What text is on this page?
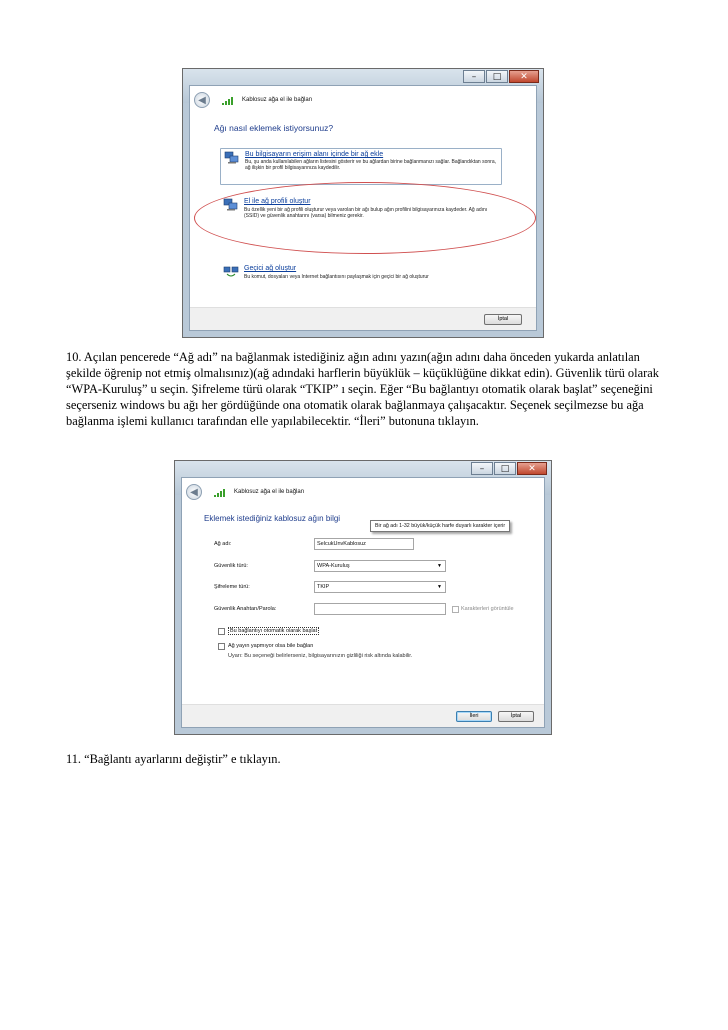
–	□	✕
◀	Kablosuz ağa el ile bağlan
Ağı nasıl eklemek istiyorsunuz?
Bu bilgisayarın erişim alanı içinde bir ağ ekle
Bu, şu anda kullanılabilen ağların listesini gösterir ve bu ağlardan birine bağlanmanızı sağlar. Bağlandıktan sonra, ağ ilişkin bir profil bilgisayarınıza kaydedilir.
El ile ağ profili oluştur
Bu özellik yeni bir ağ profili oluşturur veya varolan bir ağı bulup ağın profilini bilgisayarınıza kaydeder. Ağ adını (SSID) ve güvenlik anahtarını (varsa) bilmeniz gerekir.
Geçici ağ oluştur
Bu komut, dosyaları veya Internet bağlantısını paylaşmak için geçici bir ağ oluşturur
İptal

10. Açılan pencerede “Ağ adı” na bağlanmak istediğiniz ağın adını yazın(ağın adını daha önceden yukarda anlatılan şekilde öğrenip not etmiş olmalısınız)(ağ adındaki harflerin büyüklük – küçüklüğüne dikkat edin). Güvenlik türü olarak “WPA-Kuruluş” u seçin. Şifreleme türü olarak “TKIP” ı seçin. Eğer “Bu bağlantıyı otomatik olarak başlat” seçeneğini seçerseniz windows bu ağı her gördüğünde ona otomatik olarak bağlanmaya çalışacaktır. Seçenek seçilmezse bu ağa bağlanma işlemi kullanıcı tarafından elle yapılabilecektir. “İleri” butonuna tıklayın.

–	□	✕
◀	Kablosuz ağa el ile bağlan
Eklemek istediğiniz kablosuz ağın bilgi
Bir ağ adı 1-32 büyük/küçük harfe duyarlı karakter içerir
Ağ adı:	SelcukUnvKablosuz
Güvenlik türü:	WPA-Kuruluş	▼
Şifreleme türü:	TKIP	▼
Güvenlik Anahtarı/Parola:	Karakterleri görüntüle
Bu bağlantıyı otomatik olarak başlat
Ağ yayın yapmıyor olsa bile bağlan
Uyarı: Bu seçeneği belirlerseniz, bilgisayarınızın gizliliği risk altında kalabilir.
İleri	İptal

11. “Bağlantı ayarlarını değiştir” e tıklayın.
